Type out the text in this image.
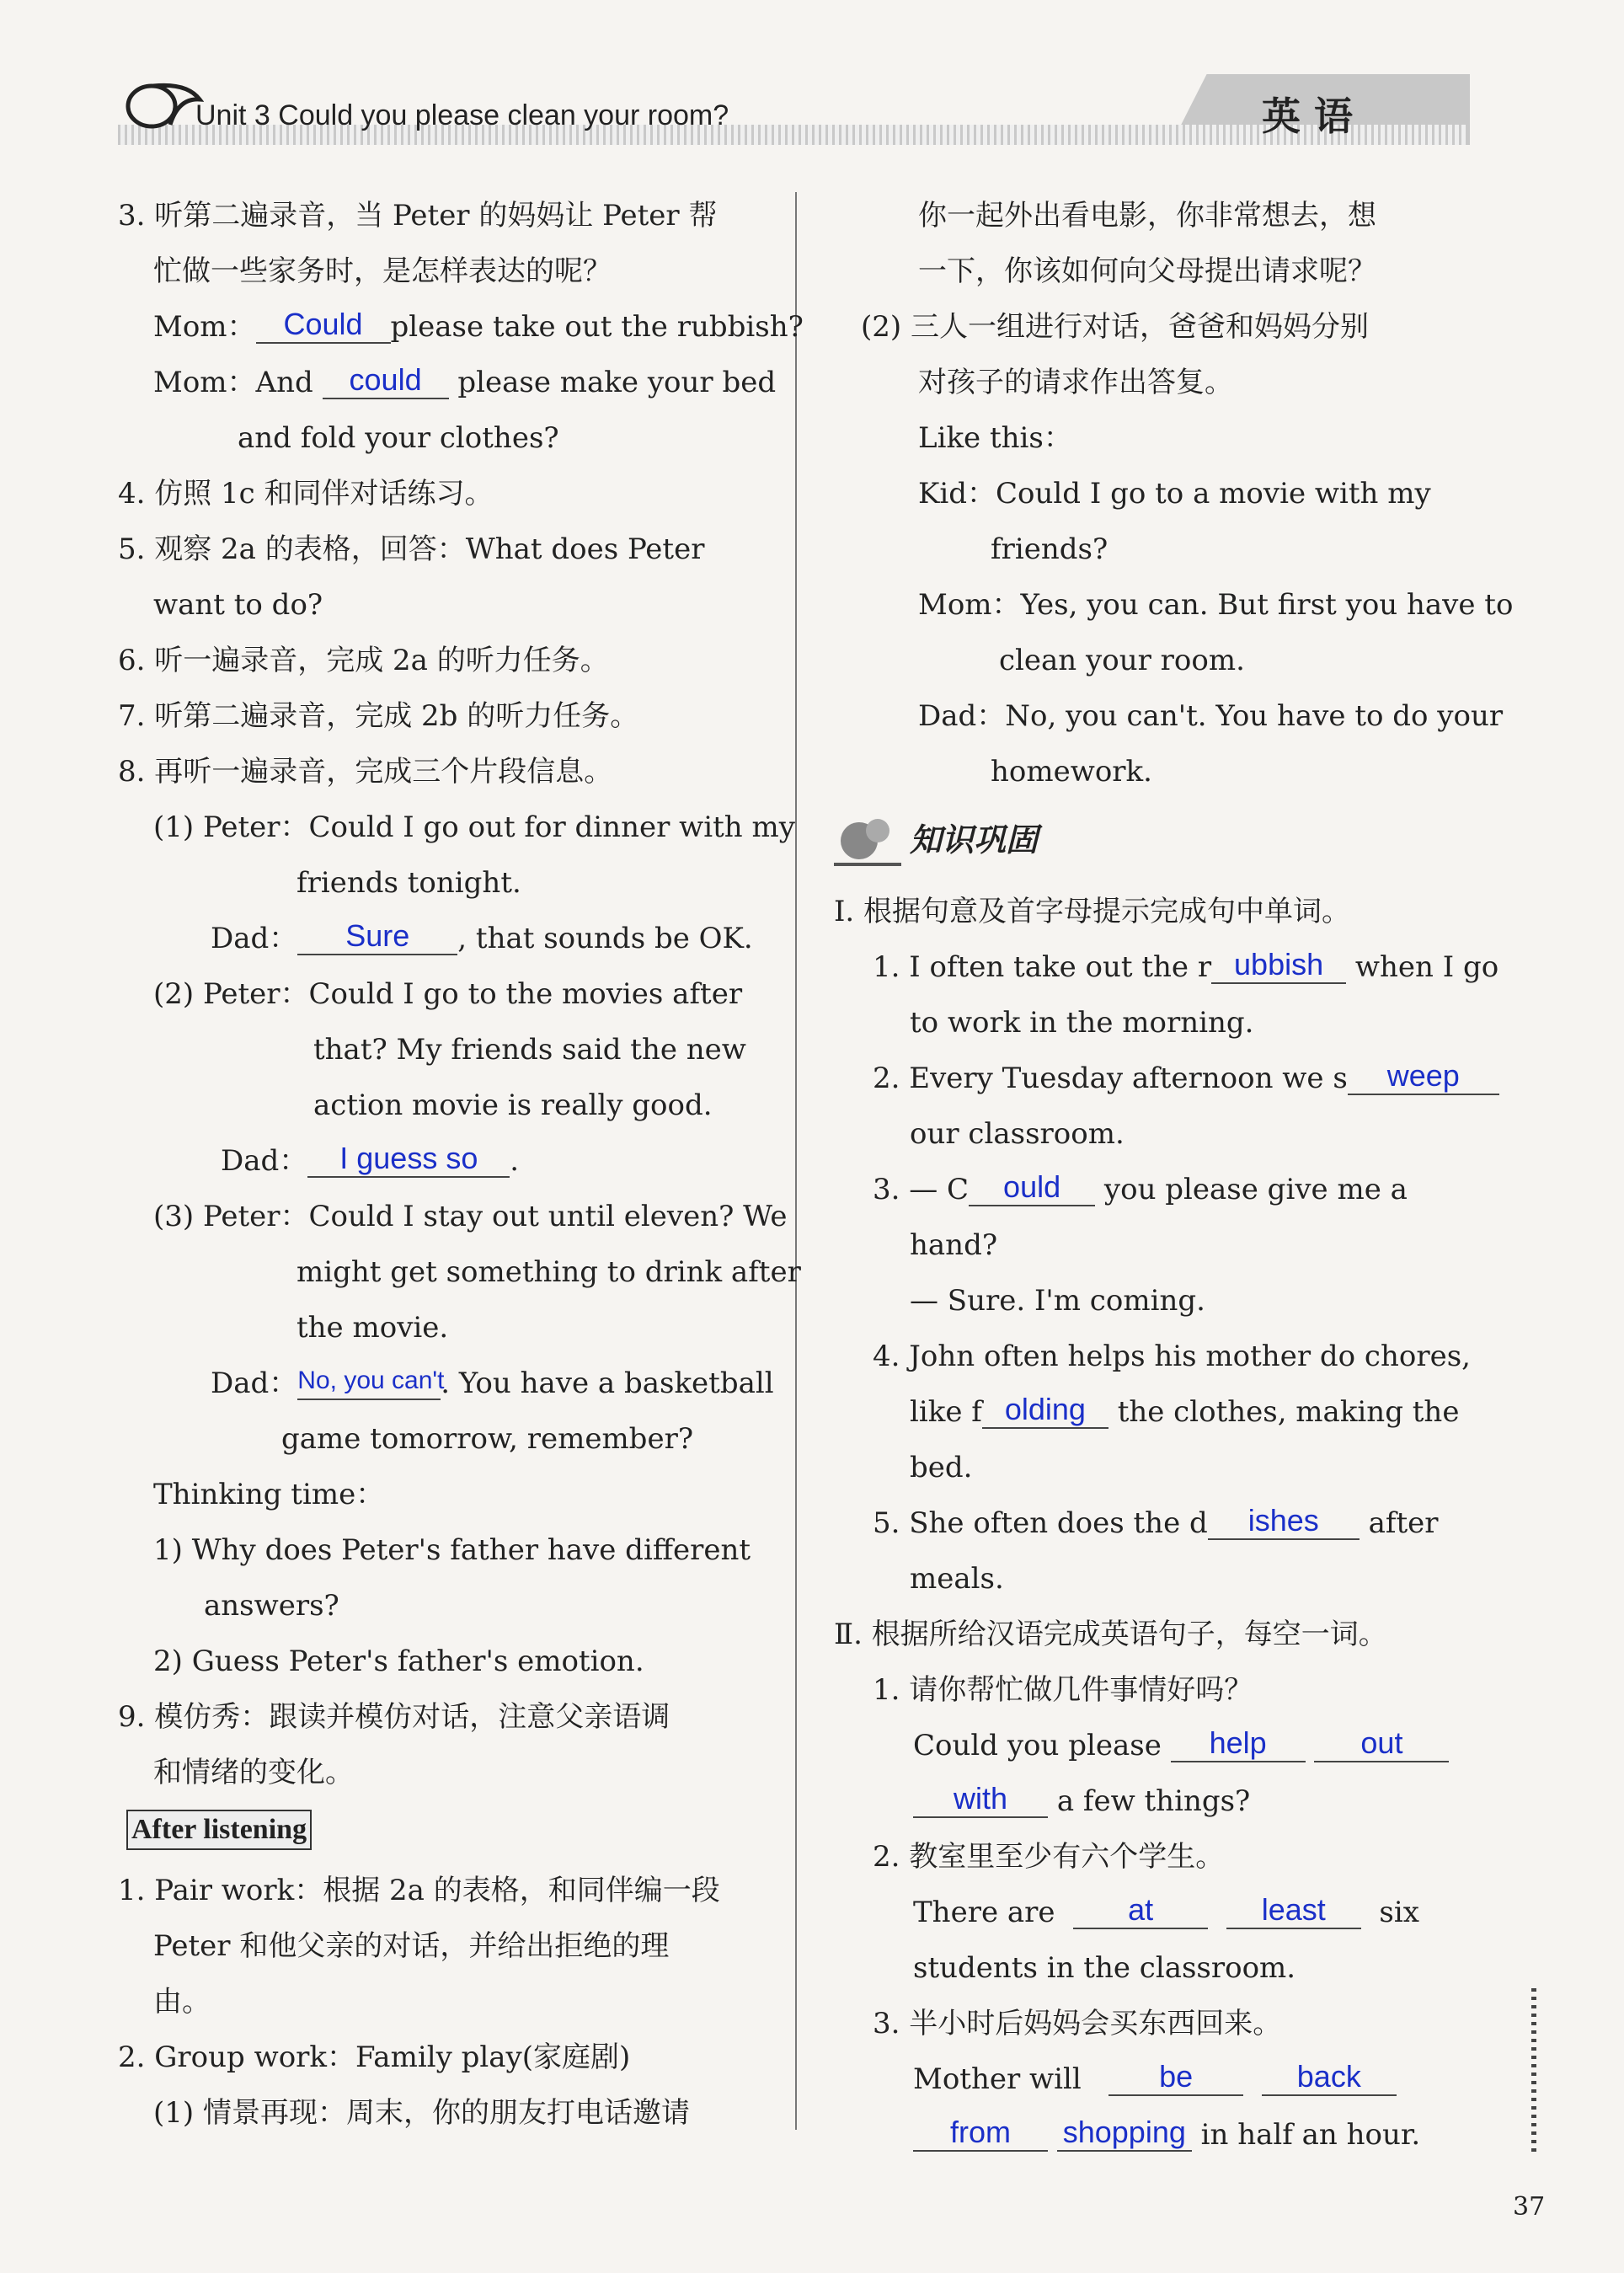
Unit 3 Could you please clean your room?	英 语
3. 听第二遍录音，当 Peter 的妈妈让 Peter 帮
忙做一些家务时，是怎样表达的呢？
Mom： Could please take out the rubbish?
Mom：And could please make your bed
and fold your clothes?
4. 仿照 1c 和同伴对话练习。
5. 观察 2a 的表格，回答：What does Peter
want to do?
6. 听一遍录音，完成 2a 的听力任务。
7. 听第二遍录音，完成 2b 的听力任务。
8. 再听一遍录音，完成三个片段信息。
(1) Peter：Could I go out for dinner with my
friends tonight.
Dad： Sure , that sounds be OK.
(2) Peter：Could I go to the movies after
that? My friends said the new
action movie is really good.
Dad： I guess so .
(3) Peter：Could I stay out until eleven? We
might get something to drink after
the movie.
Dad：No, you can't. You have a basketball
game tomorrow, remember?
Thinking time：
1) Why does Peter's father have different
answers?
2) Guess Peter's father's emotion.
9. 模仿秀：跟读并模仿对话，注意父亲语调
和情绪的变化。
After listening
1. Pair work：根据 2a 的表格，和同伴编一段
Peter 和他父亲的对话，并给出拒绝的理
由。
2. Group work：Family play(家庭剧)
(1) 情景再现：周末，你的朋友打电话邀请
你一起外出看电影，你非常想去，想
一下，你该如何向父母提出请求呢？
(2) 三人一组进行对话，爸爸和妈妈分别
对孩子的请求作出答复。
Like this：
Kid：Could I go to a movie with my
friends?
Mom：Yes, you can. But first you have to
clean your room.
Dad：No, you can't. You have to do your
homework.
知识巩固
Ⅰ. 根据句意及首字母提示完成句中单词。
1. I often take out the r ubbish when I go
to work in the morning.
2. Every Tuesday afternoon we s weep
our classroom.
3. — C ould you please give me a
hand?
— Sure. I'm coming.
4. John often helps his mother do chores,
like f olding the clothes, making the
bed.
5. She often does the d ishes after
meals.
Ⅱ. 根据所给汉语完成英语句子，每空一词。
1. 请你帮忙做几件事情好吗？
Could you please help	out
with a few things?
2. 教室里至少有六个学生。
There are at	least six
students in the classroom.
3. 半小时后妈妈会买东西回来。
Mother will	be	back
from shopping in half an hour.
37
